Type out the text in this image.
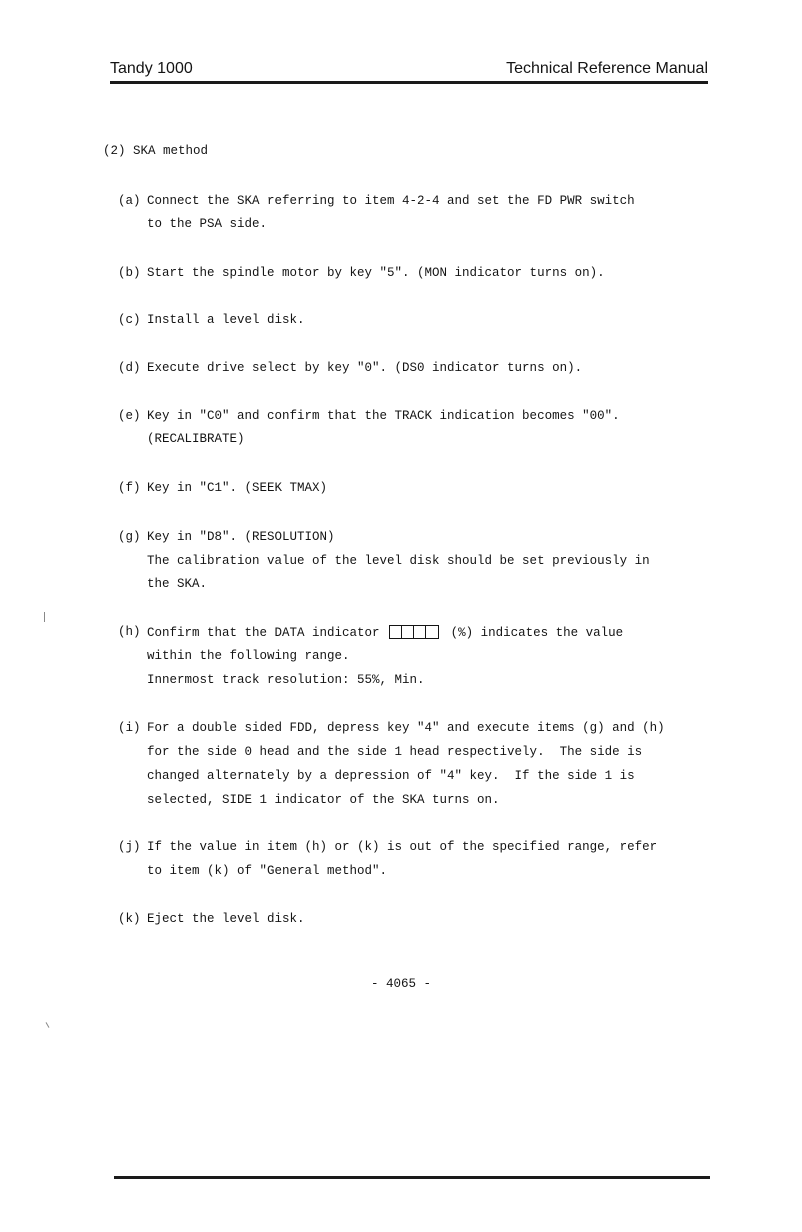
Tandy 1000	Technical Reference Manual
(2) SKA method

(a)

Connect the SKA referring to item 4-2-4 and set the FD PWR switch

to the PSA side.

(b)

Start the spindle motor by key "5". (MON indicator turns on).

(c)

Install a level disk.

(d)

Execute drive select by key "0". (DS0 indicator turns on).

(e)

Key in "C0" and confirm that the TRACK indication becomes "00".

(RECALIBRATE)

(f)

Key in "C1". (SEEK TMAX)

(g)

Key in "D8". (RESOLUTION)

The calibration value of the level disk should be set previously in

the SKA.

(h)

Confirm that the DATA indicator	(%) indicates the value

within the following range.

Innermost track resolution: 55%, Min.

(i)

For a double sided FDD, depress key "4" and execute items (g) and (h)

for the side 0 head and the side 1 head respectively.  The side is

changed alternately by a depression of "4" key.  If the side 1 is

selected, SIDE 1 indicator of the SKA turns on.

(j)

If the value in item (h) or (k) is out of the specified range, refer

to item (k) of "General method".

(k)

Eject the level disk.

- 4065 -
